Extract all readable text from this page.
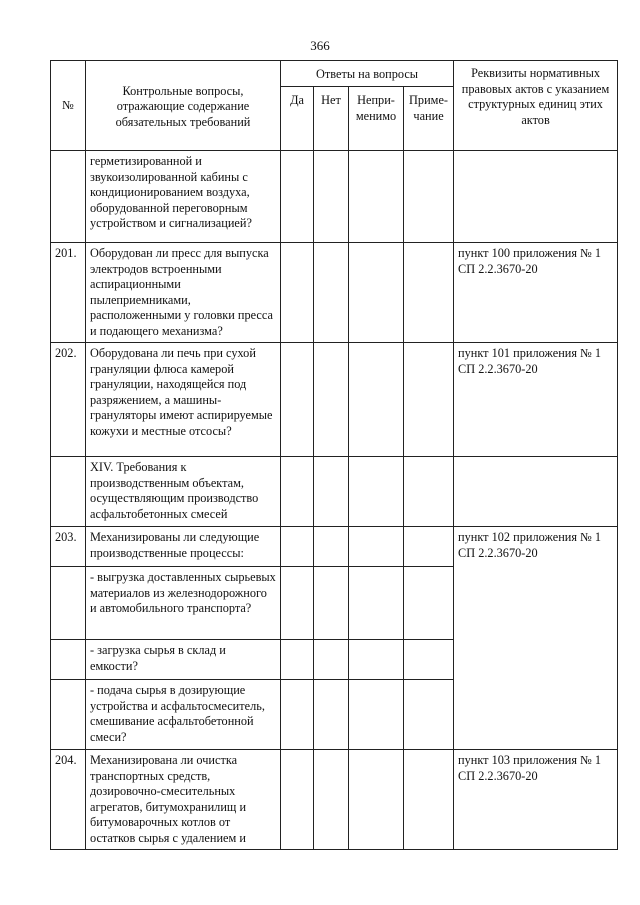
366
№	Контрольные вопросы, отражающие содержание обязательных требований	Ответы на вопросы				Реквизиты нормативных правовых актов с указанием структурных единиц этих актов
		Да	Нет	Непри-менимо	Приме-чание	
	герметизированной и звукоизолированной кабины с кондиционированием воздуха, оборудованной переговорным устройством и сигнализацией?					
201.	Оборудован ли пресс для выпуска электродов встроенными аспирационными пылеприемниками, расположенными у головки пресса и подающего механизма?					пункт 100 приложения № 1 СП 2.2.3670-20
202.	Оборудована ли печь при сухой грануляции флюса камерой грануляции, находящейся под разряжением, а машины-грануляторы имеют аспирируемые кожухи и местные отсосы?					пункт 101 приложения № 1 СП 2.2.3670-20
	XIV. Требования к производственным объектам, осуществляющим производство асфальтобетонных смесей					
203.	Механизированы ли следующие производственные процессы:					пункт 102 приложения № 1 СП 2.2.3670-20
	- выгрузка доставленных сырьевых материалов из железнодорожного и автомобильного транспорта?					
	- загрузка сырья в склад и емкости?					
	- подача сырья в дозирующие устройства и асфальтосмеситель, смешивание асфальтобетонной смеси?					
204.	Механизирована ли очистка транспортных средств, дозировочно-смесительных агрегатов, битумохранилищ и битумоварочных котлов от остатков сырья с удалением и					пункт 103 приложения № 1 СП 2.2.3670-20
